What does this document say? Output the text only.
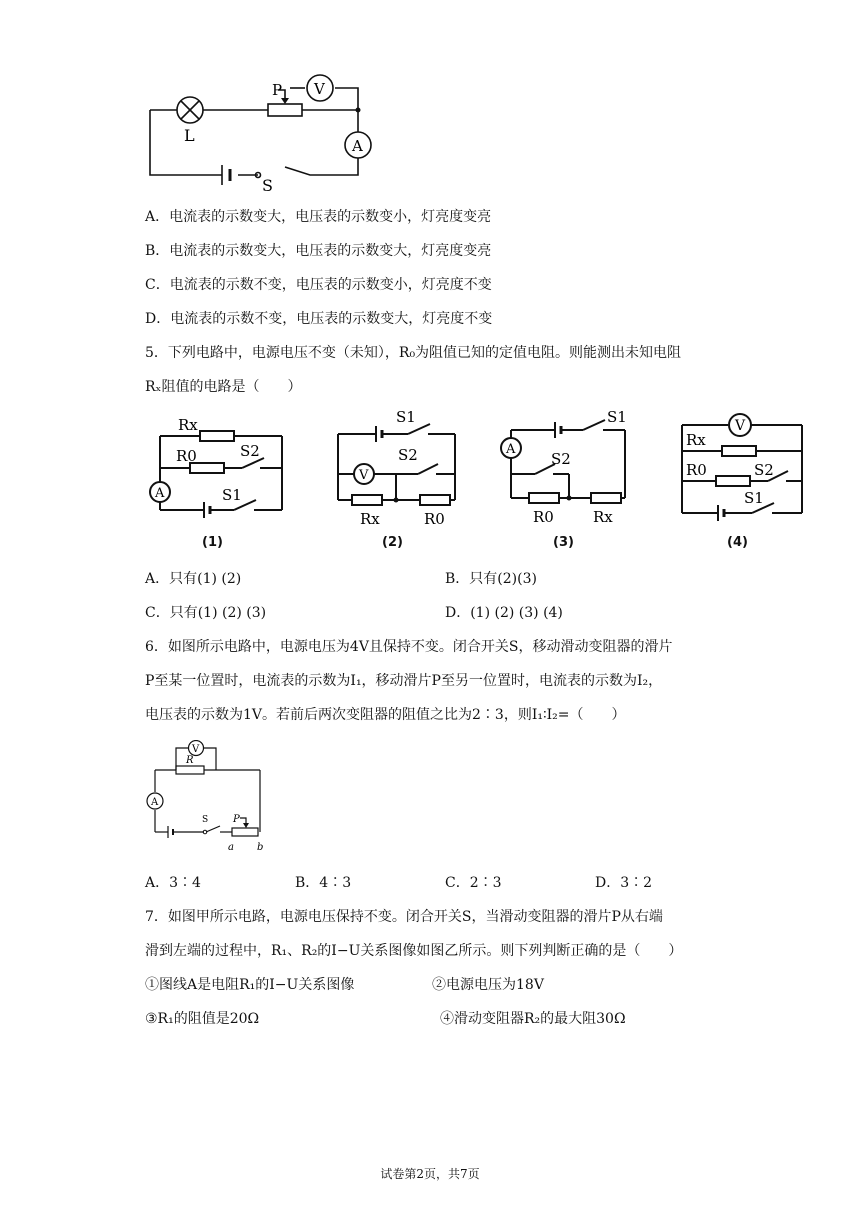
L
P V
A
S
A．电流表的示数变大，电压表的示数变小，灯亮度变亮
B．电流表的示数变大，电压表的示数变大，灯亮度变亮
C．电流表的示数不变，电压表的示数变小，灯亮度不变
D．电流表的示数不变，电压表的示数变大，灯亮度不变
5．下列电路中，电源电压不变（未知），R₀为阻值已知的定值电阻。则能测出未知电阻
Rₓ阻值的电路是（　　）
Rx
R0	S2
A	S1
(1)
S1
S2
V
Rx	R0
(2)
A
S1
S2
R0	Rx
(3)
V
Rx
R0	S2
S1
(4)
A．只有(1) (2)	B．只有(2)(3)
C．只有(1) (2) (3)	D．(1) (2) (3) (4)
6．如图所示电路中，电源电压为4V且保持不变。闭合开关S，移动滑动变阻器的滑片
P至某一位置时，电流表的示数为I₁，移动滑片P至另一位置时，电流表的示数为I₂，
电压表的示数为1V。若前后两次变阻器的阻值之比为2∶3，则I₁∶I₂=（　　）
V
R
A
S P
a b
A．3∶4	B．4∶3	C．2∶3	D．3∶2
7．如图甲所示电路，电源电压保持不变。闭合开关S，当滑动变阻器的滑片P从右端
滑到左端的过程中，R₁、R₂的I−U关系图像如图乙所示。则下列判断正确的是（　　）
①图线A是电阻R₁的I−U关系图像	②电源电压为18V
③R₁的阻值是20Ω	④滑动变阻器R₂的最大阻30Ω
试卷第2页，共7页
